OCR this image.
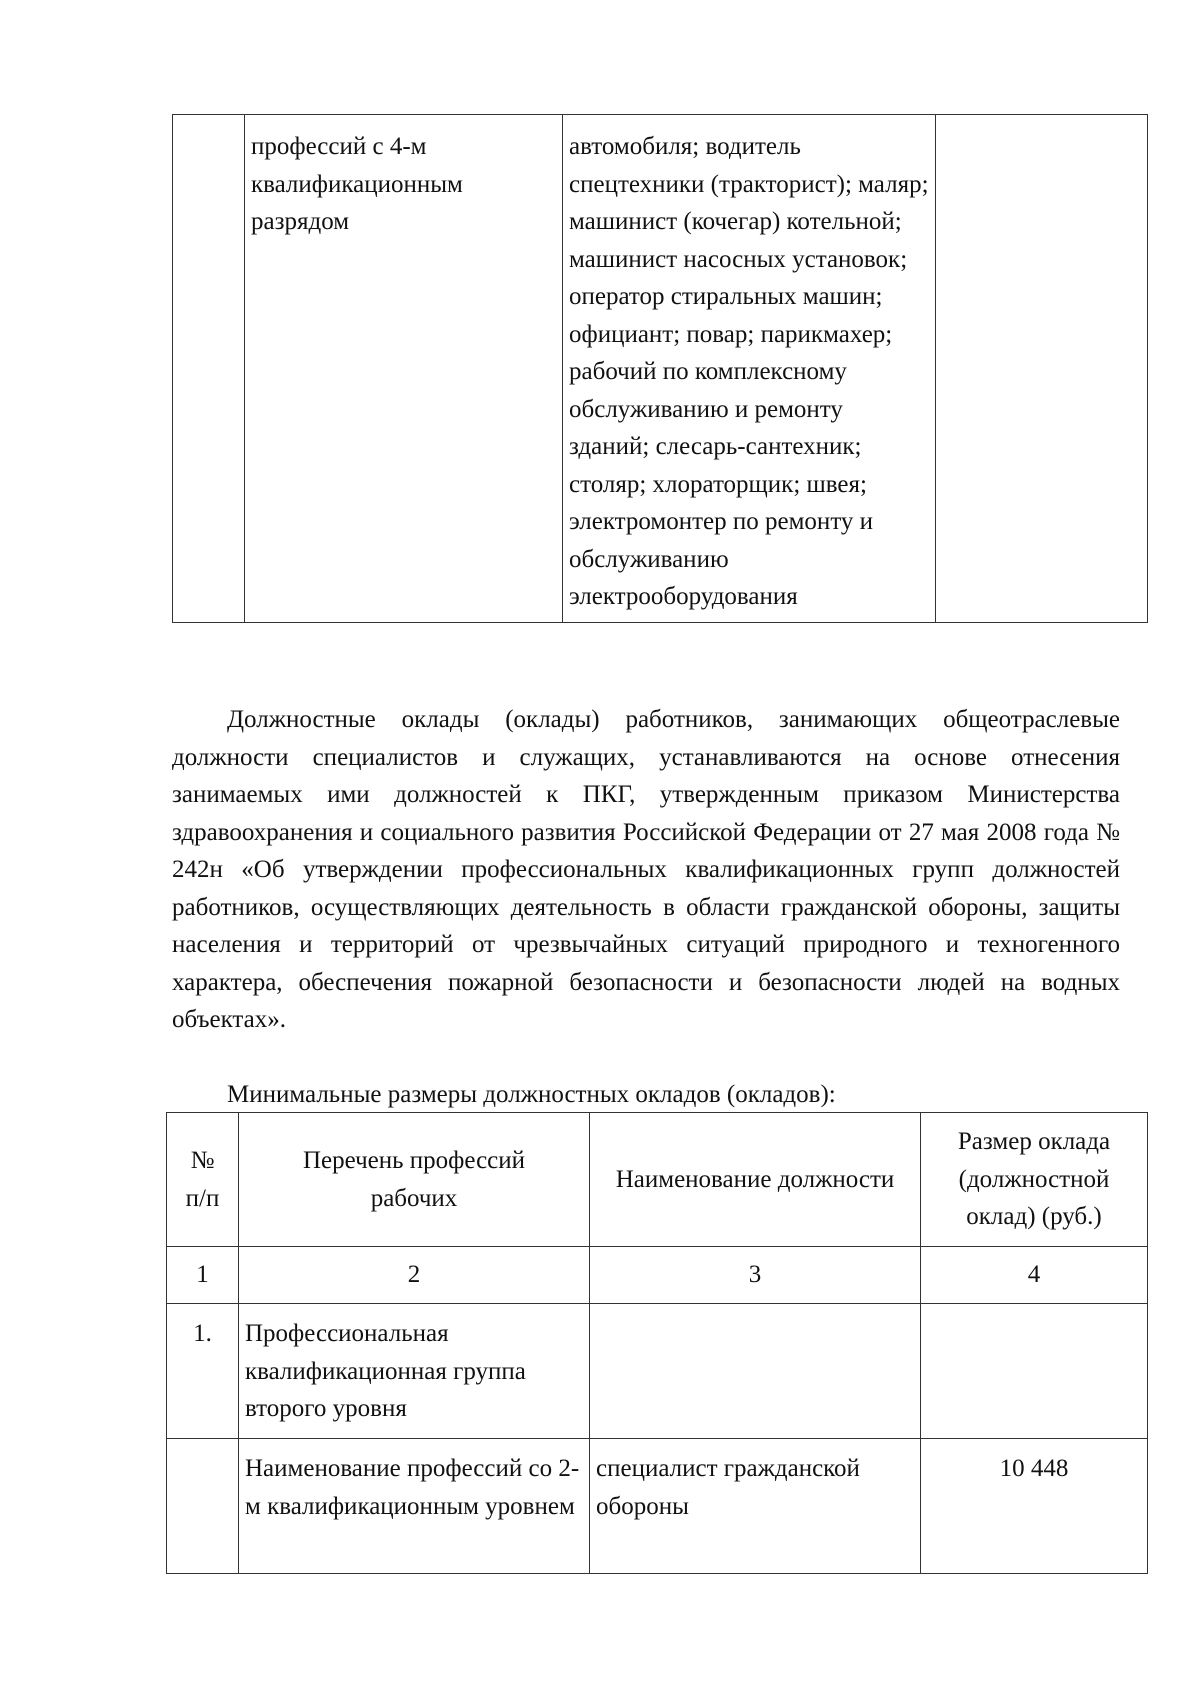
	профессий с 4-м квалификационным разрядом	автомобиля; водитель спецтехники (тракторист); маляр; машинист (кочегар) котельной; машинист насосных установок; оператор стиральных машин; официант; повар; парикмахер; рабочий по комплексному обслуживанию и ремонту зданий; слесарь-сантехник; столяр; хлораторщик; швея; электромонтер по ремонту и обслуживанию электрооборудования	

Должностные оклады (оклады) работников, занимающих общеотраслевые должности специалистов и служащих, устанавливаются на основе отнесения занимаемых ими должностей к ПКГ, утвержденным приказом Министерства здравоохранения и социального развития Российской Федерации от 27 мая 2008 года № 242н «Об утверждении профессиональных квалификационных групп должностей работников, осуществляющих деятельность в области гражданской обороны, защиты населения и территорий от чрезвычайных ситуаций природного и техногенного характера, обеспечения пожарной безопасности и безопасности людей на водных объектах».

Минимальные размеры должностных окладов (окладов):

№ п/п	Перечень профессий рабочих	Наименование должности	Размер оклада (должностной оклад) (руб.)
1	2	3	4
1.	Профессиональная квалификационная группа второго уровня		
	Наименование профессий со 2-м квалификационным уровнем	специалист гражданской обороны	10 448
